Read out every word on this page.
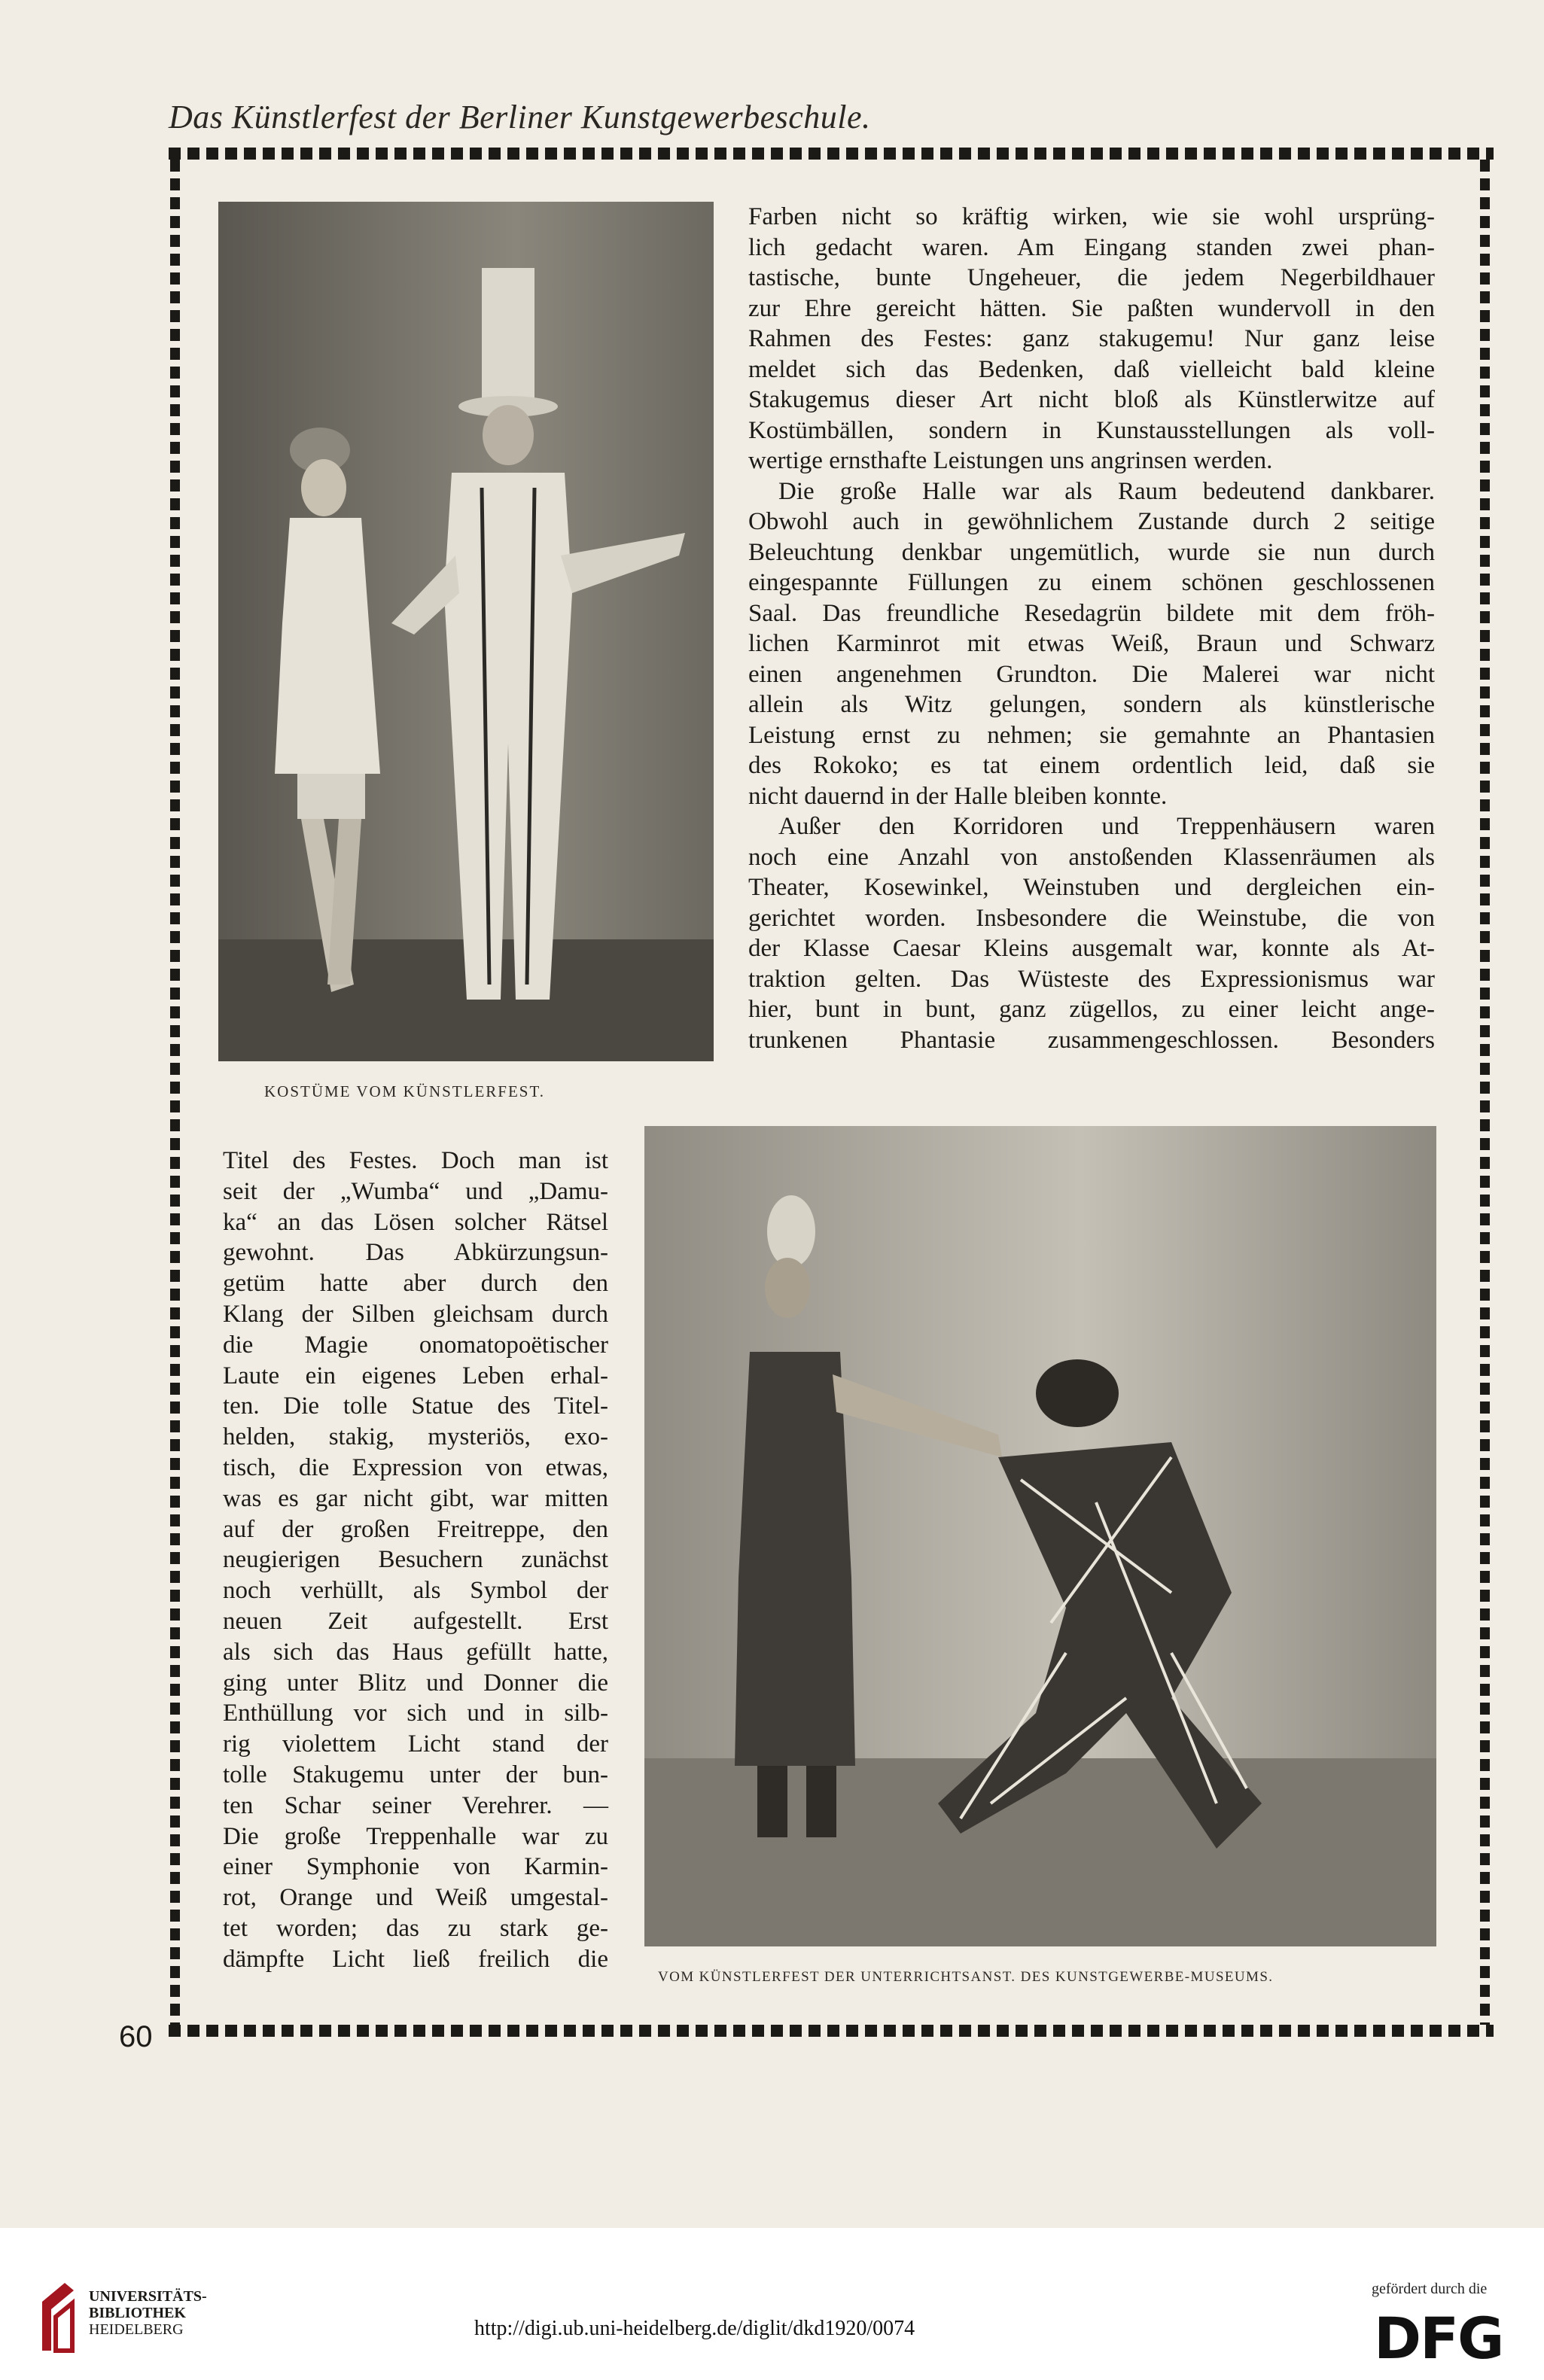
Das Künstlerfest der Berliner Kunstgewerbeschule.
KOSTÜME VOM KÜNSTLERFEST.
VOM KÜNSTLERFEST DER UNTERRICHTSANST. DES KUNSTGEWERBE-MUSEUMS.
Farben nicht so kräftig wirken, wie sie wohl ursprüng-
lich gedacht waren. Am Eingang standen zwei phan-
tastische, bunte Ungeheuer, die jedem Negerbildhauer
zur Ehre gereicht hätten. Sie paßten wundervoll in den
Rahmen des Festes: ganz stakugemu! Nur ganz leise
meldet sich das Bedenken, daß vielleicht bald kleine
Stakugemus dieser Art nicht bloß als Künstlerwitze auf
Kostümbällen, sondern in Kunstausstellungen als voll-
wertige ernsthafte Leistungen uns angrinsen werden.
Die große Halle war als Raum bedeutend dankbarer.
Obwohl auch in gewöhnlichem Zustande durch 2 seitige
Beleuchtung denkbar ungemütlich, wurde sie nun durch
eingespannte Füllungen zu einem schönen geschlossenen
Saal. Das freundliche Resedagrün bildete mit dem fröh-
lichen Karminrot mit etwas Weiß, Braun und Schwarz
einen angenehmen Grundton. Die Malerei war nicht
allein als Witz gelungen, sondern als künstlerische
Leistung ernst zu nehmen; sie gemahnte an Phantasien
des Rokoko; es tat einem ordentlich leid, daß sie
nicht dauernd in der Halle bleiben konnte.
Außer den Korridoren und Treppenhäusern waren
noch eine Anzahl von anstoßenden Klassenräumen als
Theater, Kosewinkel, Weinstuben und dergleichen ein-
gerichtet worden. Insbesondere die Weinstube, die von
der Klasse Caesar Kleins ausgemalt war, konnte als At-
traktion gelten. Das Wüsteste des Expressionismus war
hier, bunt in bunt, ganz zügellos, zu einer leicht ange-
trunkenen Phantasie zusammengeschlossen. Besonders
Titel des Festes. Doch man ist
seit der „Wumba“ und „Damu-
ka“ an das Lösen solcher Rätsel
gewohnt. Das Abkürzungsun-
getüm hatte aber durch den
Klang der Silben gleichsam durch
die Magie onomatopoëtischer
Laute ein eigenes Leben erhal-
ten. Die tolle Statue des Titel-
helden, stakig, mysteriös, exo-
tisch, die Expression von etwas,
was es gar nicht gibt, war mitten
auf der großen Freitreppe, den
neugierigen Besuchern zunächst
noch verhüllt, als Symbol der
neuen Zeit aufgestellt. Erst
als sich das Haus gefüllt hatte,
ging unter Blitz und Donner die
Enthüllung vor sich und in silb-
rig violettem Licht stand der
tolle Stakugemu unter der bun-
ten Schar seiner Verehrer. —
Die große Treppenhalle war zu
einer Symphonie von Karmin-
rot, Orange und Weiß umgestal-
tet worden; das zu stark ge-
dämpfte Licht ließ freilich die
60
UNIVERSITÄTS-
BIBLIOTHEK
HEIDELBERG	http://digi.ub.uni-heidelberg.de/diglit/dkd1920/0074
gefördert durch die
DFG
